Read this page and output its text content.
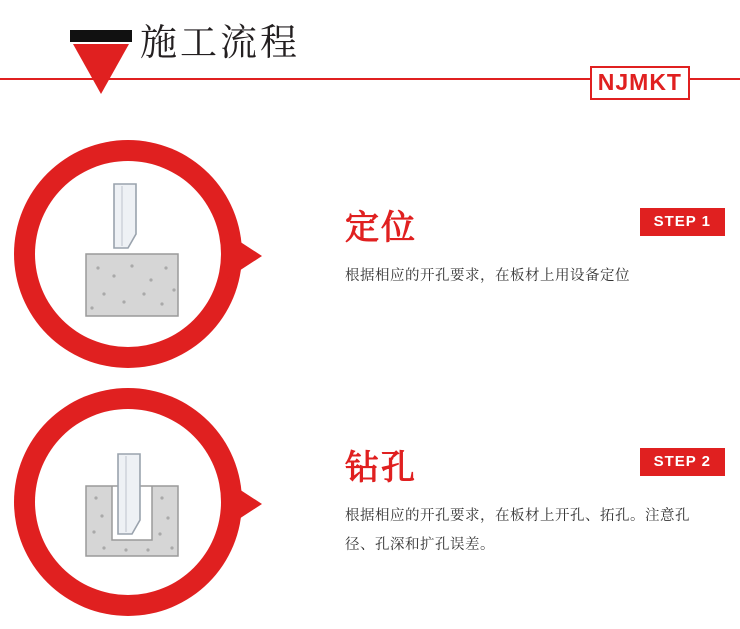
施工流程
NJMKT
定位
根据相应的开孔要求，在板材上用设备定位
STEP 1
钻孔
根据相应的开孔要求，在板材上开孔、拓孔。注意孔径、孔深和扩孔误差。
STEP 2
